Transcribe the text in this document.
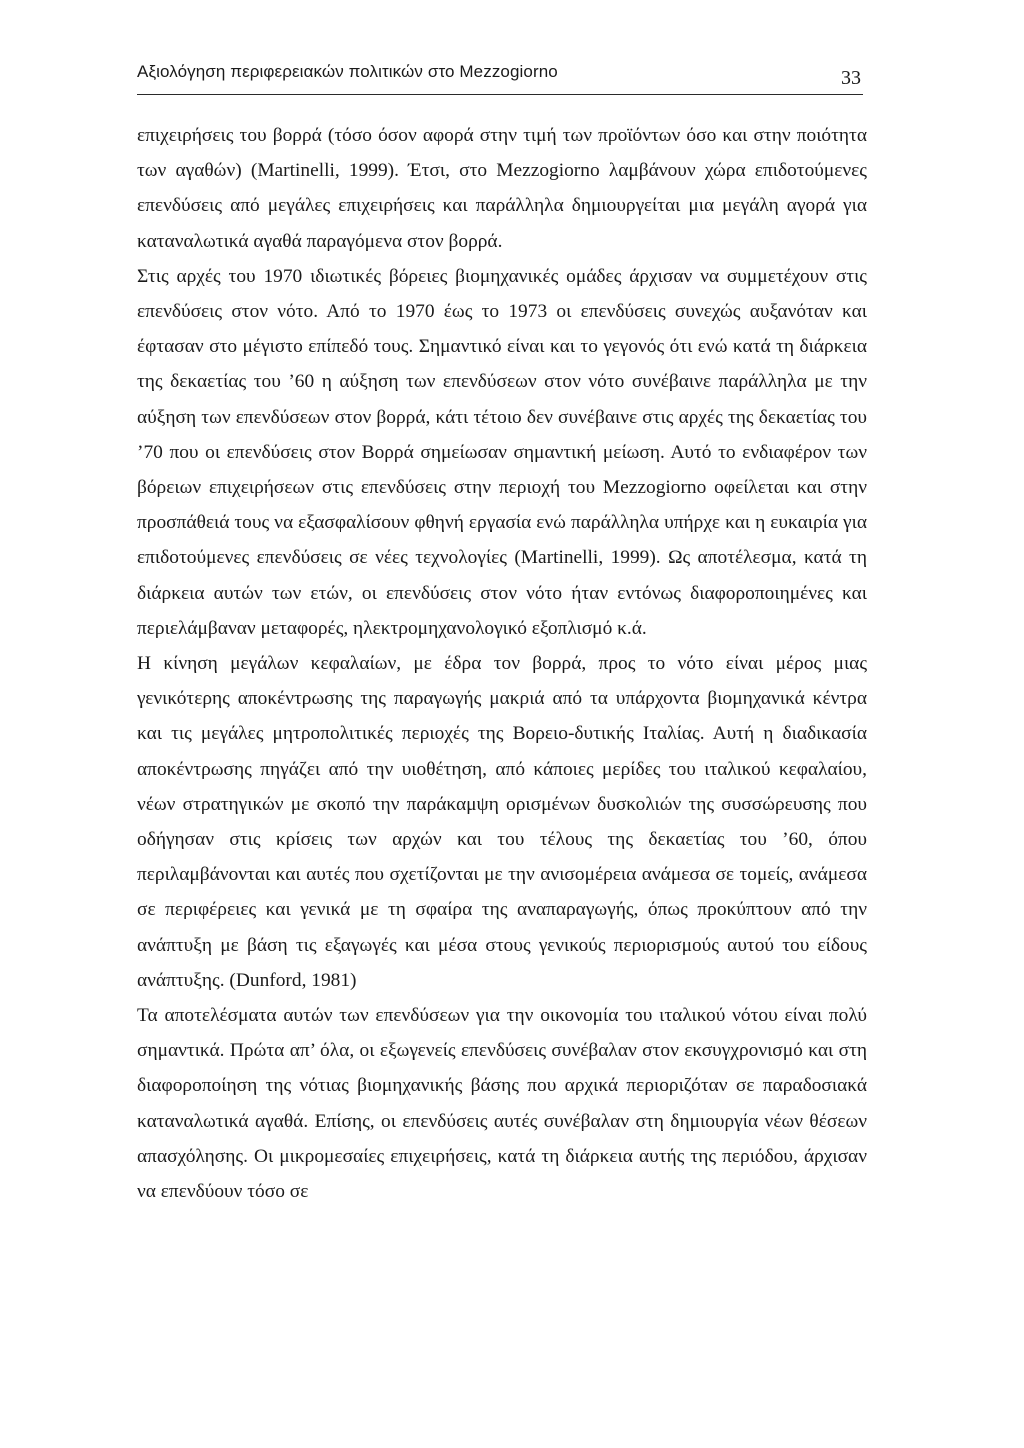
Αξιολόγηση περιφερειακών πολιτικών στο Mezzogiorno	33

επιχειρήσεις του βορρά (τόσο όσον αφορά στην τιμή των προϊόντων όσο και στην ποιότητα των αγαθών) (Martinelli, 1999). Έτσι, στο Mezzogiorno λαμβάνουν χώρα επιδοτούμενες επενδύσεις από μεγάλες επιχειρήσεις και παράλληλα δημιουργείται μια μεγάλη αγορά για καταναλωτικά αγαθά παραγόμενα στον βορρά.

Στις αρχές του 1970 ιδιωτικές βόρειες βιομηχανικές ομάδες άρχισαν να συμμετέχουν στις επενδύσεις στον νότο. Από το 1970 έως το 1973 οι επενδύσεις συνεχώς αυξανόταν και έφτασαν στο μέγιστο επίπεδό τους. Σημαντικό είναι και το γεγονός ότι ενώ κατά τη διάρκεια της δεκαετίας του ’60 η αύξηση των επενδύσεων στον νότο συνέβαινε παράλληλα με την αύξηση των επενδύσεων στον βορρά, κάτι τέτοιο δεν συνέβαινε στις αρχές της δεκαετίας του ’70 που οι επενδύσεις στον Βορρά σημείωσαν σημαντική μείωση. Αυτό το ενδιαφέρον των βόρειων επιχειρήσεων στις επενδύσεις στην περιοχή του Mezzogiorno οφείλεται και στην προσπάθειά τους να εξασφαλίσουν φθηνή εργασία ενώ παράλληλα υπήρχε και η ευκαιρία για επιδοτούμενες επενδύσεις σε νέες τεχνολογίες (Martinelli, 1999). Ως αποτέλεσμα, κατά τη διάρκεια αυτών των ετών, οι επενδύσεις στον νότο ήταν εντόνως διαφοροποιημένες και περιελάμβαναν μεταφορές, ηλεκτρομηχανολογικό εξοπλισμό κ.ά.

Η κίνηση μεγάλων κεφαλαίων, με έδρα τον βορρά, προς το νότο είναι μέρος μιας γενικότερης αποκέντρωσης της παραγωγής μακριά από τα υπάρχοντα βιομηχανικά κέντρα και τις μεγάλες μητροπολιτικές περιοχές της Βορειο-δυτικής Ιταλίας. Αυτή η διαδικασία αποκέντρωσης πηγάζει από την υιοθέτηση, από κάποιες μερίδες του ιταλικού κεφαλαίου, νέων στρατηγικών με σκοπό την παράκαμψη ορισμένων δυσκολιών της συσσώρευσης που οδήγησαν στις κρίσεις των αρχών και του τέλους της δεκαετίας του ’60, όπου περιλαμβάνονται και αυτές που σχετίζονται με την ανισομέρεια ανάμεσα σε τομείς, ανάμεσα σε περιφέρειες και γενικά με τη σφαίρα της αναπαραγωγής, όπως προκύπτουν από την ανάπτυξη με βάση τις εξαγωγές και μέσα στους γενικούς περιορισμούς αυτού του είδους ανάπτυξης. (Dunford, 1981)

Τα αποτελέσματα αυτών των επενδύσεων για την οικονομία του ιταλικού νότου είναι πολύ σημαντικά. Πρώτα απ’ όλα, οι εξωγενείς επενδύσεις συνέβαλαν στον εκσυγχρονισμό και στη διαφοροποίηση της νότιας βιομηχανικής βάσης που αρχικά περιοριζόταν σε παραδοσιακά καταναλωτικά αγαθά. Επίσης, οι επενδύσεις αυτές συνέβαλαν στη δημιουργία νέων θέσεων απασχόλησης. Οι μικρομεσαίες επιχειρήσεις, κατά τη διάρκεια αυτής της περιόδου, άρχισαν να επενδύουν τόσο σε
